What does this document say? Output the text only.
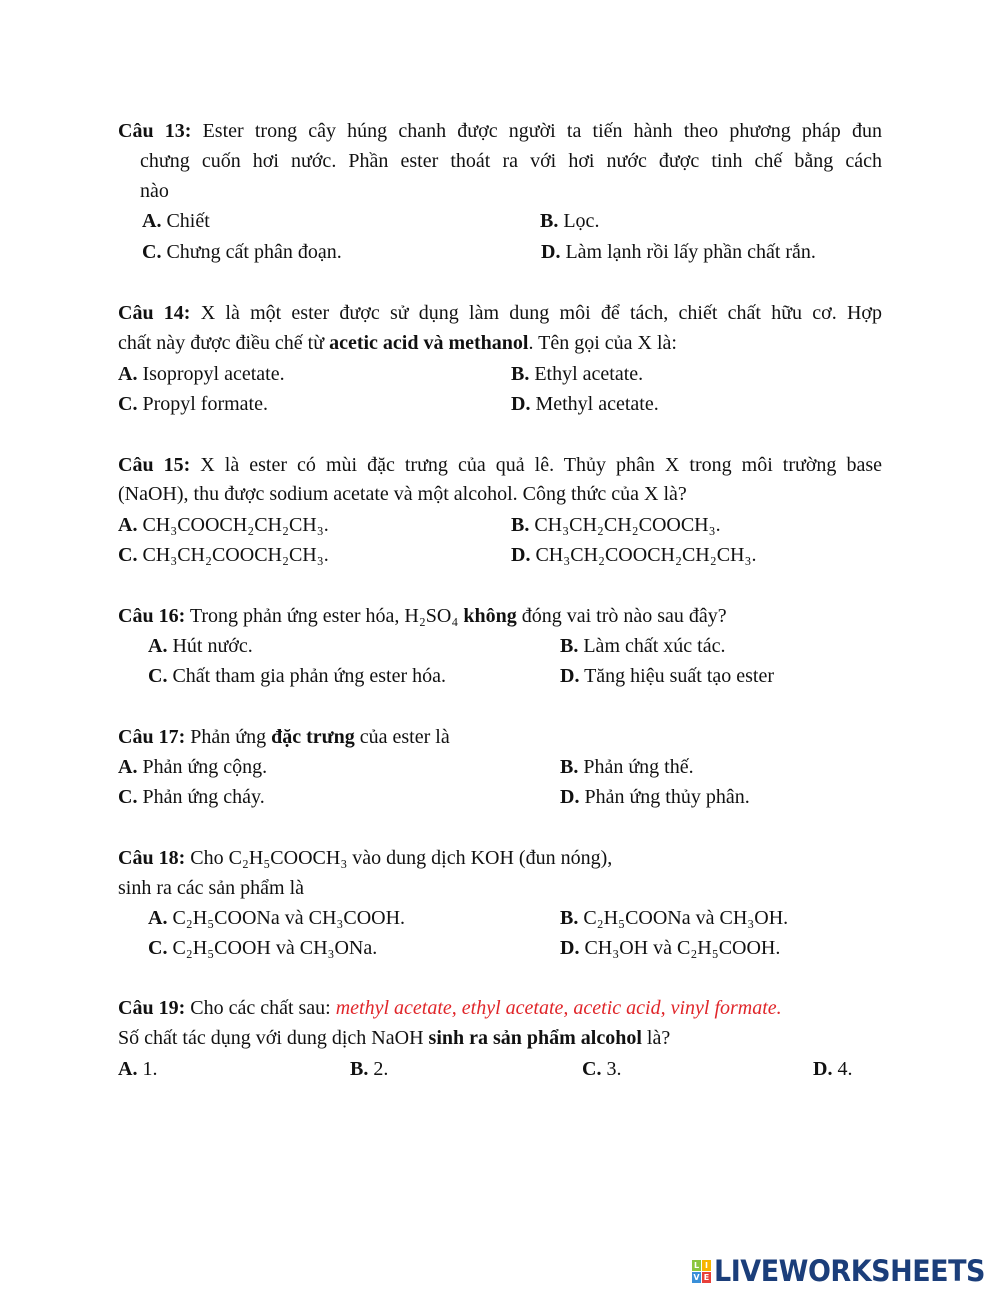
Câu 13: Ester trong cây húng chanh được người ta tiến hành theo phương pháp đun
chưng cuốn hơi nước. Phần ester thoát ra với hơi nước được tinh chế bằng cách
nào
A. Chiết	B. Lọc.
C. Chưng cất phân đoạn.	D. Làm lạnh rồi lấy phần chất rắn.
Câu 14: X là một ester được sử dụng làm dung môi để tách, chiết chất hữu cơ. Hợp
chất này được điều chế từ acetic acid và methanol. Tên gọi của X là:
A. Isopropyl acetate.	B. Ethyl acetate.
C. Propyl formate.	D. Methyl acetate.
Câu 15: X là ester có mùi đặc trưng của quả lê. Thủy phân X trong môi trường base
(NaOH), thu được sodium acetate và một alcohol. Công thức của X là?
A. CH₃COOCH₂CH₂CH₃.	B. CH₃CH₂CH₂COOCH₃.
C. CH₃CH₂COOCH₂CH₃.	D. CH₃CH₂COOCH₂CH₂CH₃.
Câu 16: Trong phản ứng ester hóa, H₂SO₄ không đóng vai trò nào sau đây?
A. Hút nước.	B. Làm chất xúc tác.
C. Chất tham gia phản ứng ester hóa.	D. Tăng hiệu suất tạo ester
Câu 17: Phản ứng đặc trưng của ester là
A. Phản ứng cộng.	B. Phản ứng thế.
C. Phản ứng cháy.	D. Phản ứng thủy phân.
Câu 18: Cho C₂H₅COOCH₃ vào dung dịch KOH (đun nóng),
sinh ra các sản phẩm là
A. C₂H₅COONa và CH₃COOH.	B. C₂H₅COONa và CH₃OH.
C. C₂H₅COOH và CH₃ONa.	D. CH₃OH và C₂H₅COOH.
Câu 19: Cho các chất sau: methyl acetate, ethyl acetate, acetic acid, vinyl formate.
Số chất tác dụng với dung dịch NaOH sinh ra sản phẩm alcohol là?
A. 1.	B. 2.	C. 3.	D. 4.
L I
V E LIVEWORKSHEETS
